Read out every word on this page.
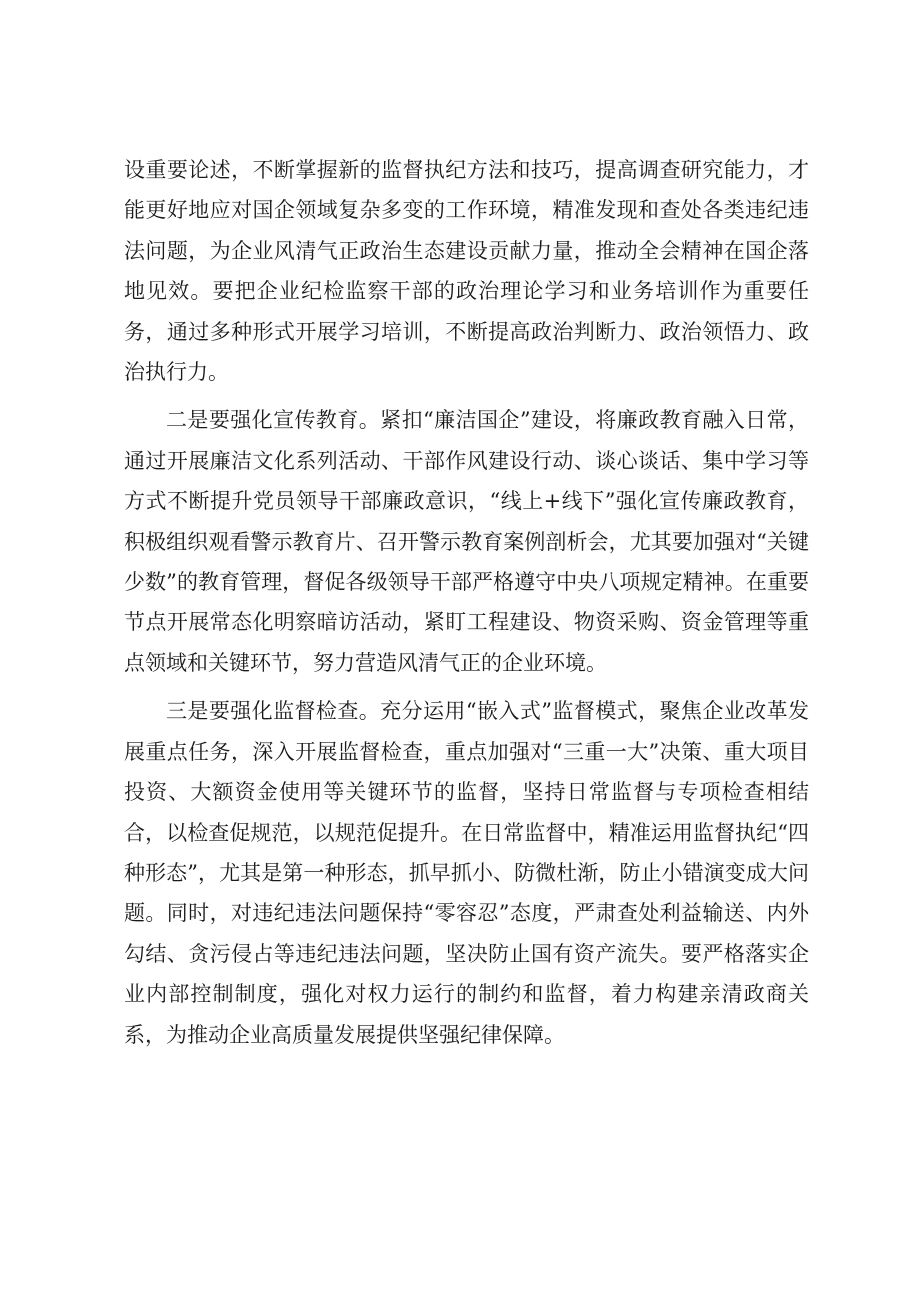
设重要论述，不断掌握新的监督执纪方法和技巧，提高调查研究能力，才能更好地应对国企领域复杂多变的工作环境，精准发现和查处各类违纪违法问题，为企业风清气正政治生态建设贡献力量，推动全会精神在国企落地见效。要把企业纪检监察干部的政治理论学习和业务培训作为重要任务，通过多种形式开展学习培训，不断提高政治判断力、政治领悟力、政治执行力。

二是要强化宣传教育。紧扣“廉洁国企”建设，将廉政教育融入日常，通过开展廉洁文化系列活动、干部作风建设行动、谈心谈话、集中学习等方式不断提升党员领导干部廉政意识，“线上+线下”强化宣传廉政教育，积极组织观看警示教育片、召开警示教育案例剖析会，尤其要加强对“关键少数”的教育管理，督促各级领导干部严格遵守中央八项规定精神。在重要节点开展常态化明察暗访活动，紧盯工程建设、物资采购、资金管理等重点领域和关键环节，努力营造风清气正的企业环境。

三是要强化监督检查。充分运用“嵌入式”监督模式，聚焦企业改革发展重点任务，深入开展监督检查，重点加强对“三重一大”决策、重大项目投资、大额资金使用等关键环节的监督，坚持日常监督与专项检查相结合，以检查促规范，以规范促提升。在日常监督中，精准运用监督执纪“四种形态”，尤其是第一种形态，抓早抓小、防微杜渐，防止小错演变成大问题。同时，对违纪违法问题保持“零容忍”态度，严肃查处利益输送、内外勾结、贪污侵占等违纪违法问题，坚决防止国有资产流失。要严格落实企业内部控制制度，强化对权力运行的制约和监督，着力构建亲清政商关系，为推动企业高质量发展提供坚强纪律保障。
